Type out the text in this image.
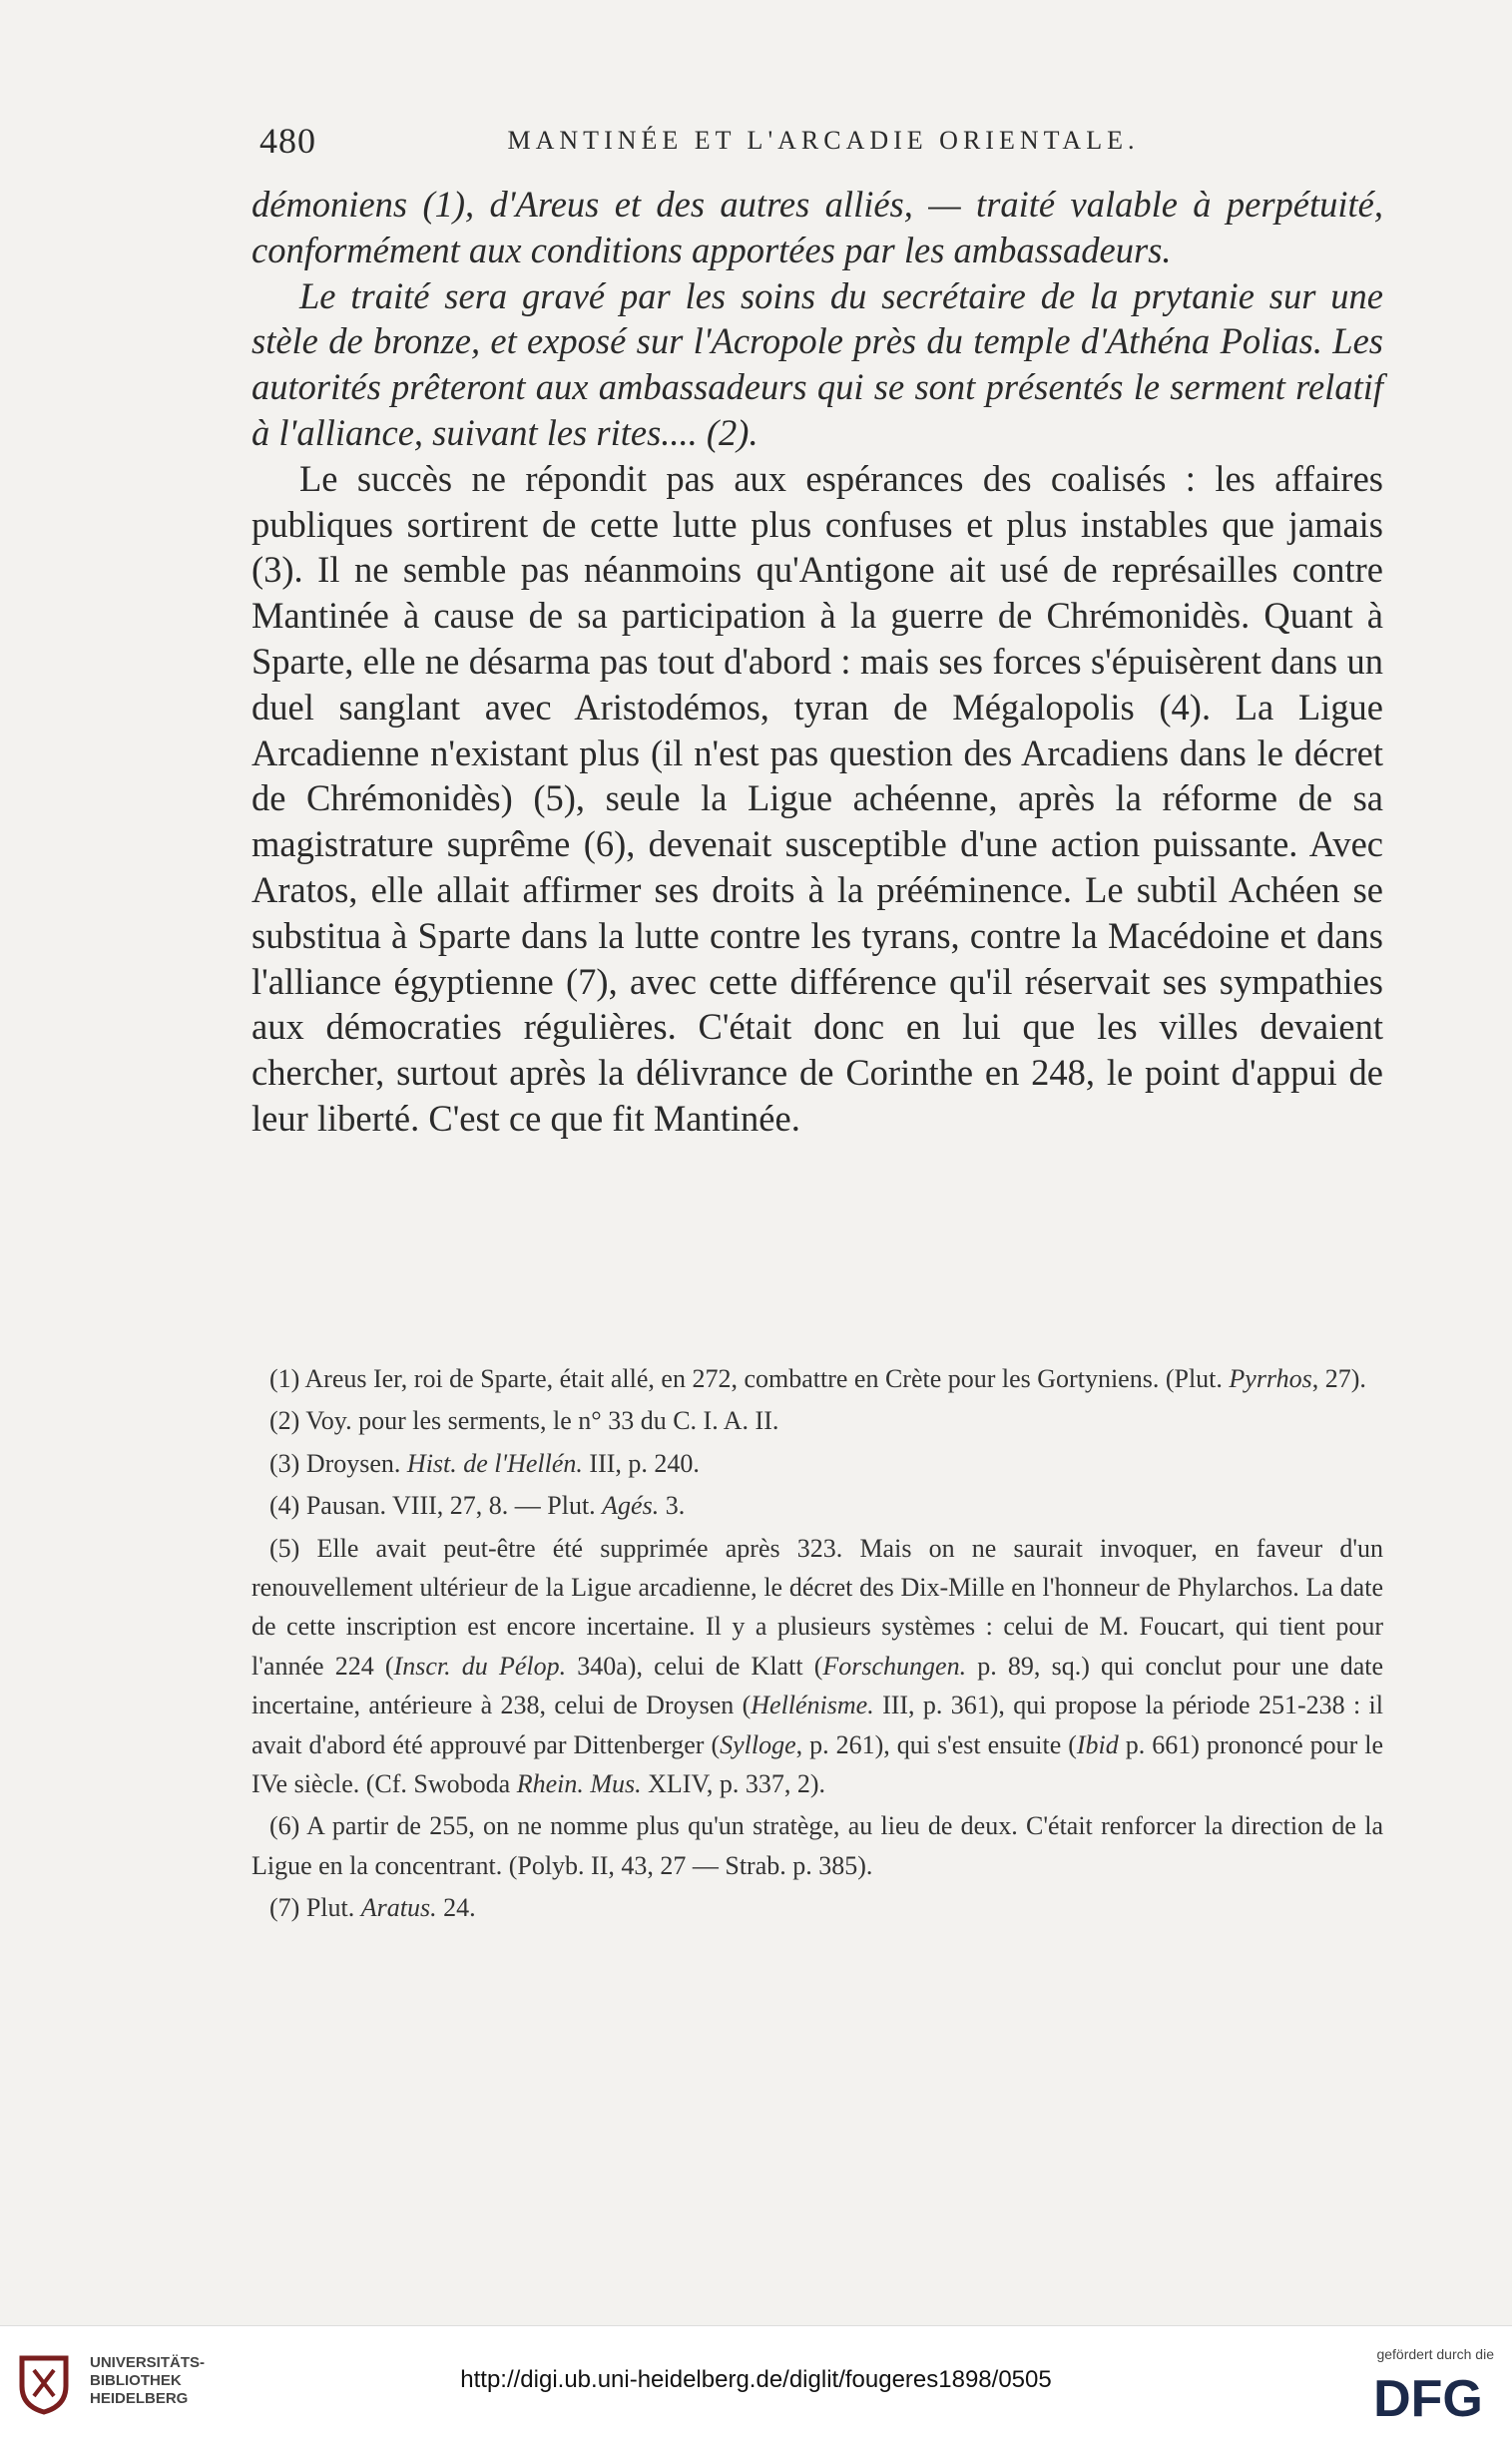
480	MANTINÉE ET L'ARCADIE ORIENTALE.

démoniens (1), d'Areus et des autres alliés, — traité valable à perpétuité, conformément aux conditions apportées par les ambassadeurs.

Le traité sera gravé par les soins du secrétaire de la prytanie sur une stèle de bronze, et exposé sur l'Acropole près du temple d'Athéna Polias. Les autorités prêteront aux ambassadeurs qui se sont présentés le serment relatif à l'alliance, suivant les rites.... (2).

Le succès ne répondit pas aux espérances des coalisés : les affaires publiques sortirent de cette lutte plus confuses et plus instables que jamais (3). Il ne semble pas néanmoins qu'Antigone ait usé de représailles contre Mantinée à cause de sa participation à la guerre de Chrémonidès. Quant à Sparte, elle ne désarma pas tout d'abord : mais ses forces s'épuisèrent dans un duel sanglant avec Aristodémos, tyran de Mégalopolis (4). La Ligue Arcadienne n'existant plus (il n'est pas question des Arcadiens dans le décret de Chrémonidès) (5), seule la Ligue achéenne, après la réforme de sa magistrature suprême (6), devenait susceptible d'une action puissante. Avec Aratos, elle allait affirmer ses droits à la prééminence. Le subtil Achéen se substitua à Sparte dans la lutte contre les tyrans, contre la Macédoine et dans l'alliance égyptienne (7), avec cette différence qu'il réservait ses sympathies aux démocraties régulières. C'était donc en lui que les villes devaient chercher, surtout après la délivrance de Corinthe en 248, le point d'appui de leur liberté. C'est ce que fit Mantinée.

(1) Areus Ier, roi de Sparte, était allé, en 272, combattre en Crète pour les Gortyniens. (Plut. Pyrrhos, 27).

(2) Voy. pour les serments, le n° 33 du C. I. A. II.

(3) Droysen. Hist. de l'Hellén. III, p. 240.

(4) Pausan. VIII, 27, 8. — Plut. Agés. 3.

(5) Elle avait peut-être été supprimée après 323. Mais on ne saurait invoquer, en faveur d'un renouvellement ultérieur de la Ligue arcadienne, le décret des Dix-Mille en l'honneur de Phylarchos. La date de cette inscription est encore incertaine. Il y a plusieurs systèmes : celui de M. Foucart, qui tient pour l'année 224 (Inscr. du Pélop. 340a), celui de Klatt (Forschungen. p. 89, sq.) qui conclut pour une date incertaine, antérieure à 238, celui de Droysen (Hellénisme. III, p. 361), qui propose la période 251-238 : il avait d'abord été approuvé par Dittenberger (Sylloge, p. 261), qui s'est ensuite (Ibid p. 661) prononcé pour le IVe siècle. (Cf. Swoboda Rhein. Mus. XLIV, p. 337, 2).

(6) A partir de 255, on ne nomme plus qu'un stratège, au lieu de deux. C'était renforcer la direction de la Ligue en la concentrant. (Polyb. II, 43, 27 — Strab. p. 385).

(7) Plut. Aratus. 24.

UNIVERSITÄTS-
BIBLIOTHEK
HEIDELBERG
http://digi.ub.uni-heidelberg.de/diglit/fougeres1898/0505
gefördert durch die
DFG
